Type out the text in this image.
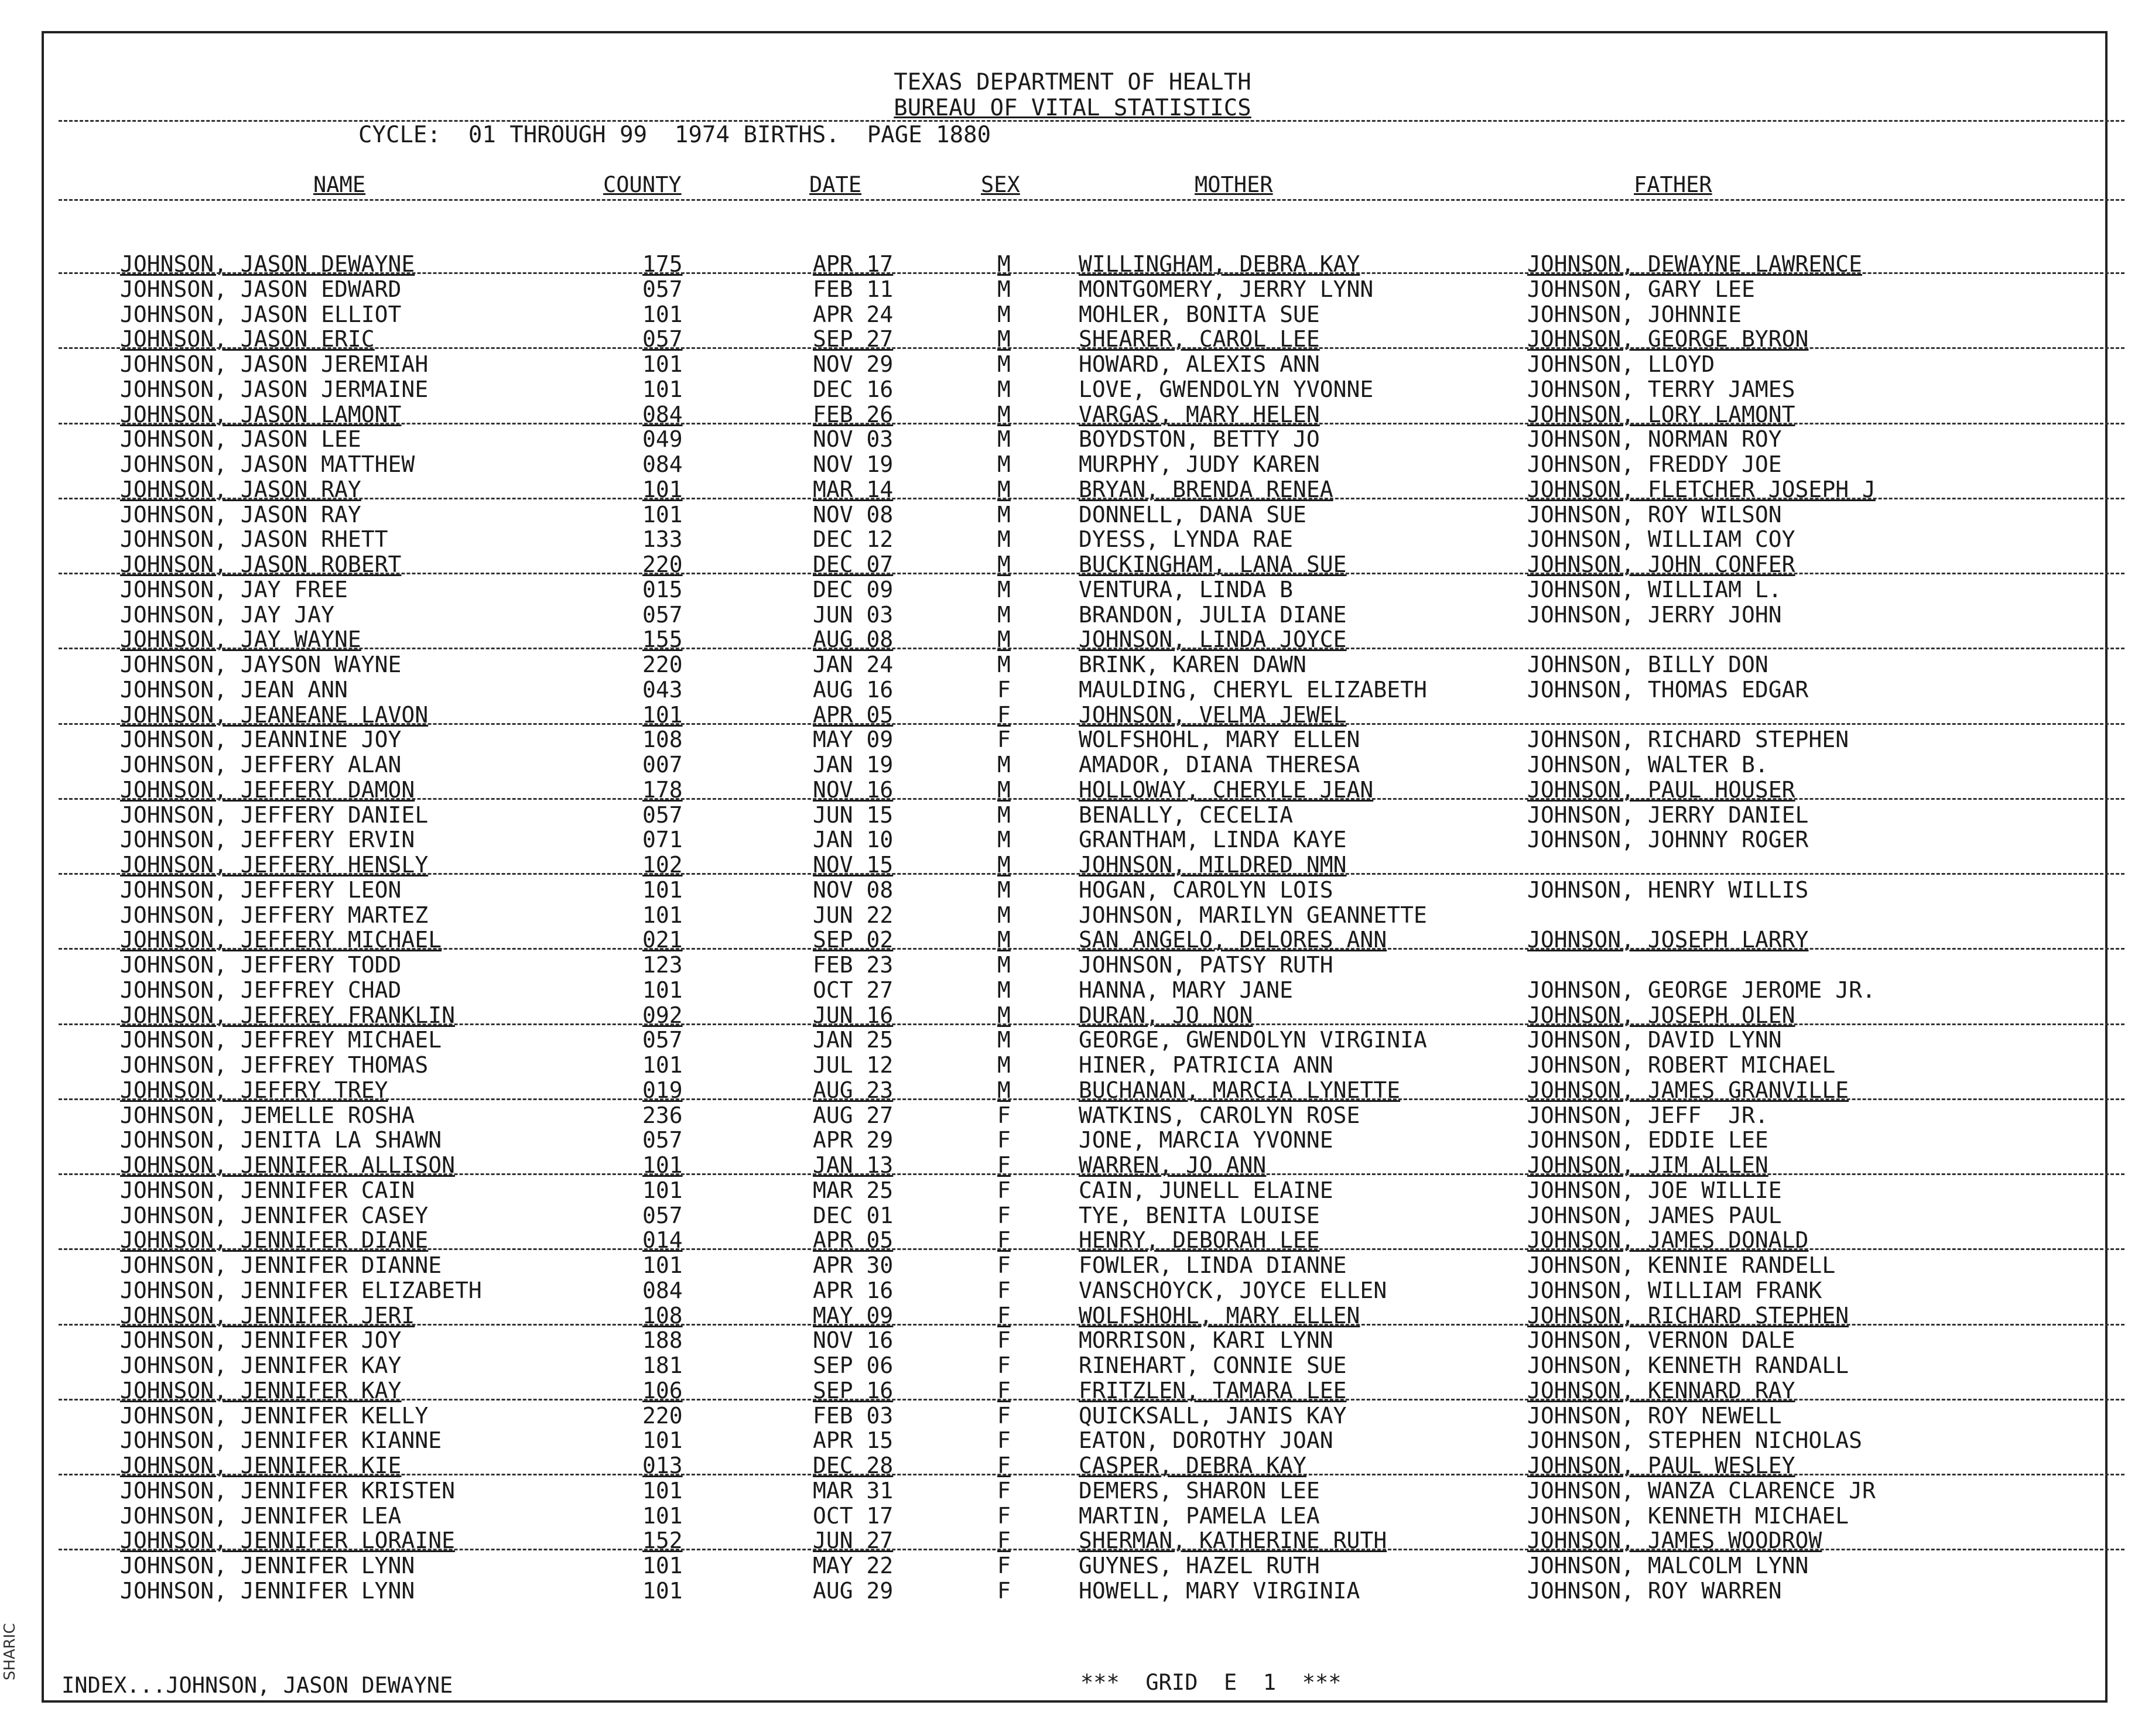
TEXAS DEPARTMENT OF HEALTH
BUREAU OF VITAL STATISTICS
CYCLE:  01 THROUGH 99  1974 BIRTHS.  PAGE 1880
NAME	COUNTY	DATE	SEX	MOTHER	FATHER
JOHNSON, JASON DEWAYNE	175	APR 17	M	WILLINGHAM, DEBRA KAY	JOHNSON, DEWAYNE LAWRENCE
JOHNSON, JASON EDWARD	057	FEB 11	M	MONTGOMERY, JERRY LYNN	JOHNSON, GARY LEE
JOHNSON, JASON ELLIOT	101	APR 24	M	MOHLER, BONITA SUE	JOHNSON, JOHNNIE
JOHNSON, JASON ERIC	057	SEP 27	M	SHEARER, CAROL LEE	JOHNSON, GEORGE BYRON
JOHNSON, JASON JEREMIAH	101	NOV 29	M	HOWARD, ALEXIS ANN	JOHNSON, LLOYD
JOHNSON, JASON JERMAINE	101	DEC 16	M	LOVE, GWENDOLYN YVONNE	JOHNSON, TERRY JAMES
JOHNSON, JASON LAMONT	084	FEB 26	M	VARGAS, MARY HELEN	JOHNSON, LORY LAMONT
JOHNSON, JASON LEE	049	NOV 03	M	BOYDSTON, BETTY JO	JOHNSON, NORMAN ROY
JOHNSON, JASON MATTHEW	084	NOV 19	M	MURPHY, JUDY KAREN	JOHNSON, FREDDY JOE
JOHNSON, JASON RAY	101	MAR 14	M	BRYAN, BRENDA RENEA	JOHNSON, FLETCHER JOSEPH J
JOHNSON, JASON RAY	101	NOV 08	M	DONNELL, DANA SUE	JOHNSON, ROY WILSON
JOHNSON, JASON RHETT	133	DEC 12	M	DYESS, LYNDA RAE	JOHNSON, WILLIAM COY
JOHNSON, JASON ROBERT	220	DEC 07	M	BUCKINGHAM, LANA SUE	JOHNSON, JOHN CONFER
JOHNSON, JAY FREE	015	DEC 09	M	VENTURA, LINDA B	JOHNSON, WILLIAM L.
JOHNSON, JAY JAY	057	JUN 03	M	BRANDON, JULIA DIANE	JOHNSON, JERRY JOHN
JOHNSON, JAY WAYNE	155	AUG 08	M	JOHNSON, LINDA JOYCE
JOHNSON, JAYSON WAYNE	220	JAN 24	M	BRINK, KAREN DAWN	JOHNSON, BILLY DON
JOHNSON, JEAN ANN	043	AUG 16	F	MAULDING, CHERYL ELIZABETH	JOHNSON, THOMAS EDGAR
JOHNSON, JEANEANE LAVON	101	APR 05	F	JOHNSON, VELMA JEWEL
JOHNSON, JEANNINE JOY	108	MAY 09	F	WOLFSHOHL, MARY ELLEN	JOHNSON, RICHARD STEPHEN
JOHNSON, JEFFERY ALAN	007	JAN 19	M	AMADOR, DIANA THERESA	JOHNSON, WALTER B.
JOHNSON, JEFFERY DAMON	178	NOV 16	M	HOLLOWAY, CHERYLE JEAN	JOHNSON, PAUL HOUSER
JOHNSON, JEFFERY DANIEL	057	JUN 15	M	BENALLY, CECELIA	JOHNSON, JERRY DANIEL
JOHNSON, JEFFERY ERVIN	071	JAN 10	M	GRANTHAM, LINDA KAYE	JOHNSON, JOHNNY ROGER
JOHNSON, JEFFERY HENSLY	102	NOV 15	M	JOHNSON, MILDRED NMN
JOHNSON, JEFFERY LEON	101	NOV 08	M	HOGAN, CAROLYN LOIS	JOHNSON, HENRY WILLIS
JOHNSON, JEFFERY MARTEZ	101	JUN 22	M	JOHNSON, MARILYN GEANNETTE
JOHNSON, JEFFERY MICHAEL	021	SEP 02	M	SAN ANGELO, DELORES ANN	JOHNSON, JOSEPH LARRY
JOHNSON, JEFFERY TODD	123	FEB 23	M	JOHNSON, PATSY RUTH
JOHNSON, JEFFREY CHAD	101	OCT 27	M	HANNA, MARY JANE	JOHNSON, GEORGE JEROME JR.
JOHNSON, JEFFREY FRANKLIN	092	JUN 16	M	DURAN, JO NON	JOHNSON, JOSEPH OLEN
JOHNSON, JEFFREY MICHAEL	057	JAN 25	M	GEORGE, GWENDOLYN VIRGINIA	JOHNSON, DAVID LYNN
JOHNSON, JEFFREY THOMAS	101	JUL 12	M	HINER, PATRICIA ANN	JOHNSON, ROBERT MICHAEL
JOHNSON, JEFFRY TREY	019	AUG 23	M	BUCHANAN, MARCIA LYNETTE	JOHNSON, JAMES GRANVILLE
JOHNSON, JEMELLE ROSHA	236	AUG 27	F	WATKINS, CAROLYN ROSE	JOHNSON, JEFF  JR.
JOHNSON, JENITA LA SHAWN	057	APR 29	F	JONE, MARCIA YVONNE	JOHNSON, EDDIE LEE
JOHNSON, JENNIFER ALLISON	101	JAN 13	F	WARREN, JO ANN	JOHNSON, JIM ALLEN
JOHNSON, JENNIFER CAIN	101	MAR 25	F	CAIN, JUNELL ELAINE	JOHNSON, JOE WILLIE
JOHNSON, JENNIFER CASEY	057	DEC 01	F	TYE, BENITA LOUISE	JOHNSON, JAMES PAUL
JOHNSON, JENNIFER DIANE	014	APR 05	F	HENRY, DEBORAH LEE	JOHNSON, JAMES DONALD
JOHNSON, JENNIFER DIANNE	101	APR 30	F	FOWLER, LINDA DIANNE	JOHNSON, KENNIE RANDELL
JOHNSON, JENNIFER ELIZABETH	084	APR 16	F	VANSCHOYCK, JOYCE ELLEN	JOHNSON, WILLIAM FRANK
JOHNSON, JENNIFER JERI	108	MAY 09	F	WOLFSHOHL, MARY ELLEN	JOHNSON, RICHARD STEPHEN
JOHNSON, JENNIFER JOY	188	NOV 16	F	MORRISON, KARI LYNN	JOHNSON, VERNON DALE
JOHNSON, JENNIFER KAY	181	SEP 06	F	RINEHART, CONNIE SUE	JOHNSON, KENNETH RANDALL
JOHNSON, JENNIFER KAY	106	SEP 16	F	FRITZLEN, TAMARA LEE	JOHNSON, KENNARD RAY
JOHNSON, JENNIFER KELLY	220	FEB 03	F	QUICKSALL, JANIS KAY	JOHNSON, ROY NEWELL
JOHNSON, JENNIFER KIANNE	101	APR 15	F	EATON, DOROTHY JOAN	JOHNSON, STEPHEN NICHOLAS
JOHNSON, JENNIFER KIE	013	DEC 28	F	CASPER, DEBRA KAY	JOHNSON, PAUL WESLEY
JOHNSON, JENNIFER KRISTEN	101	MAR 31	F	DEMERS, SHARON LEE	JOHNSON, WANZA CLARENCE JR
JOHNSON, JENNIFER LEA	101	OCT 17	F	MARTIN, PAMELA LEA	JOHNSON, KENNETH MICHAEL
JOHNSON, JENNIFER LORAINE	152	JUN 27	F	SHERMAN, KATHERINE RUTH	JOHNSON, JAMES WOODROW
JOHNSON, JENNIFER LYNN	101	MAY 22	F	GUYNES, HAZEL RUTH	JOHNSON, MALCOLM LYNN
JOHNSON, JENNIFER LYNN	101	AUG 29	F	HOWELL, MARY VIRGINIA	JOHNSON, ROY WARREN
INDEX...JOHNSON, JASON DEWAYNE	***  GRID  E  1  ***
SHARIC
